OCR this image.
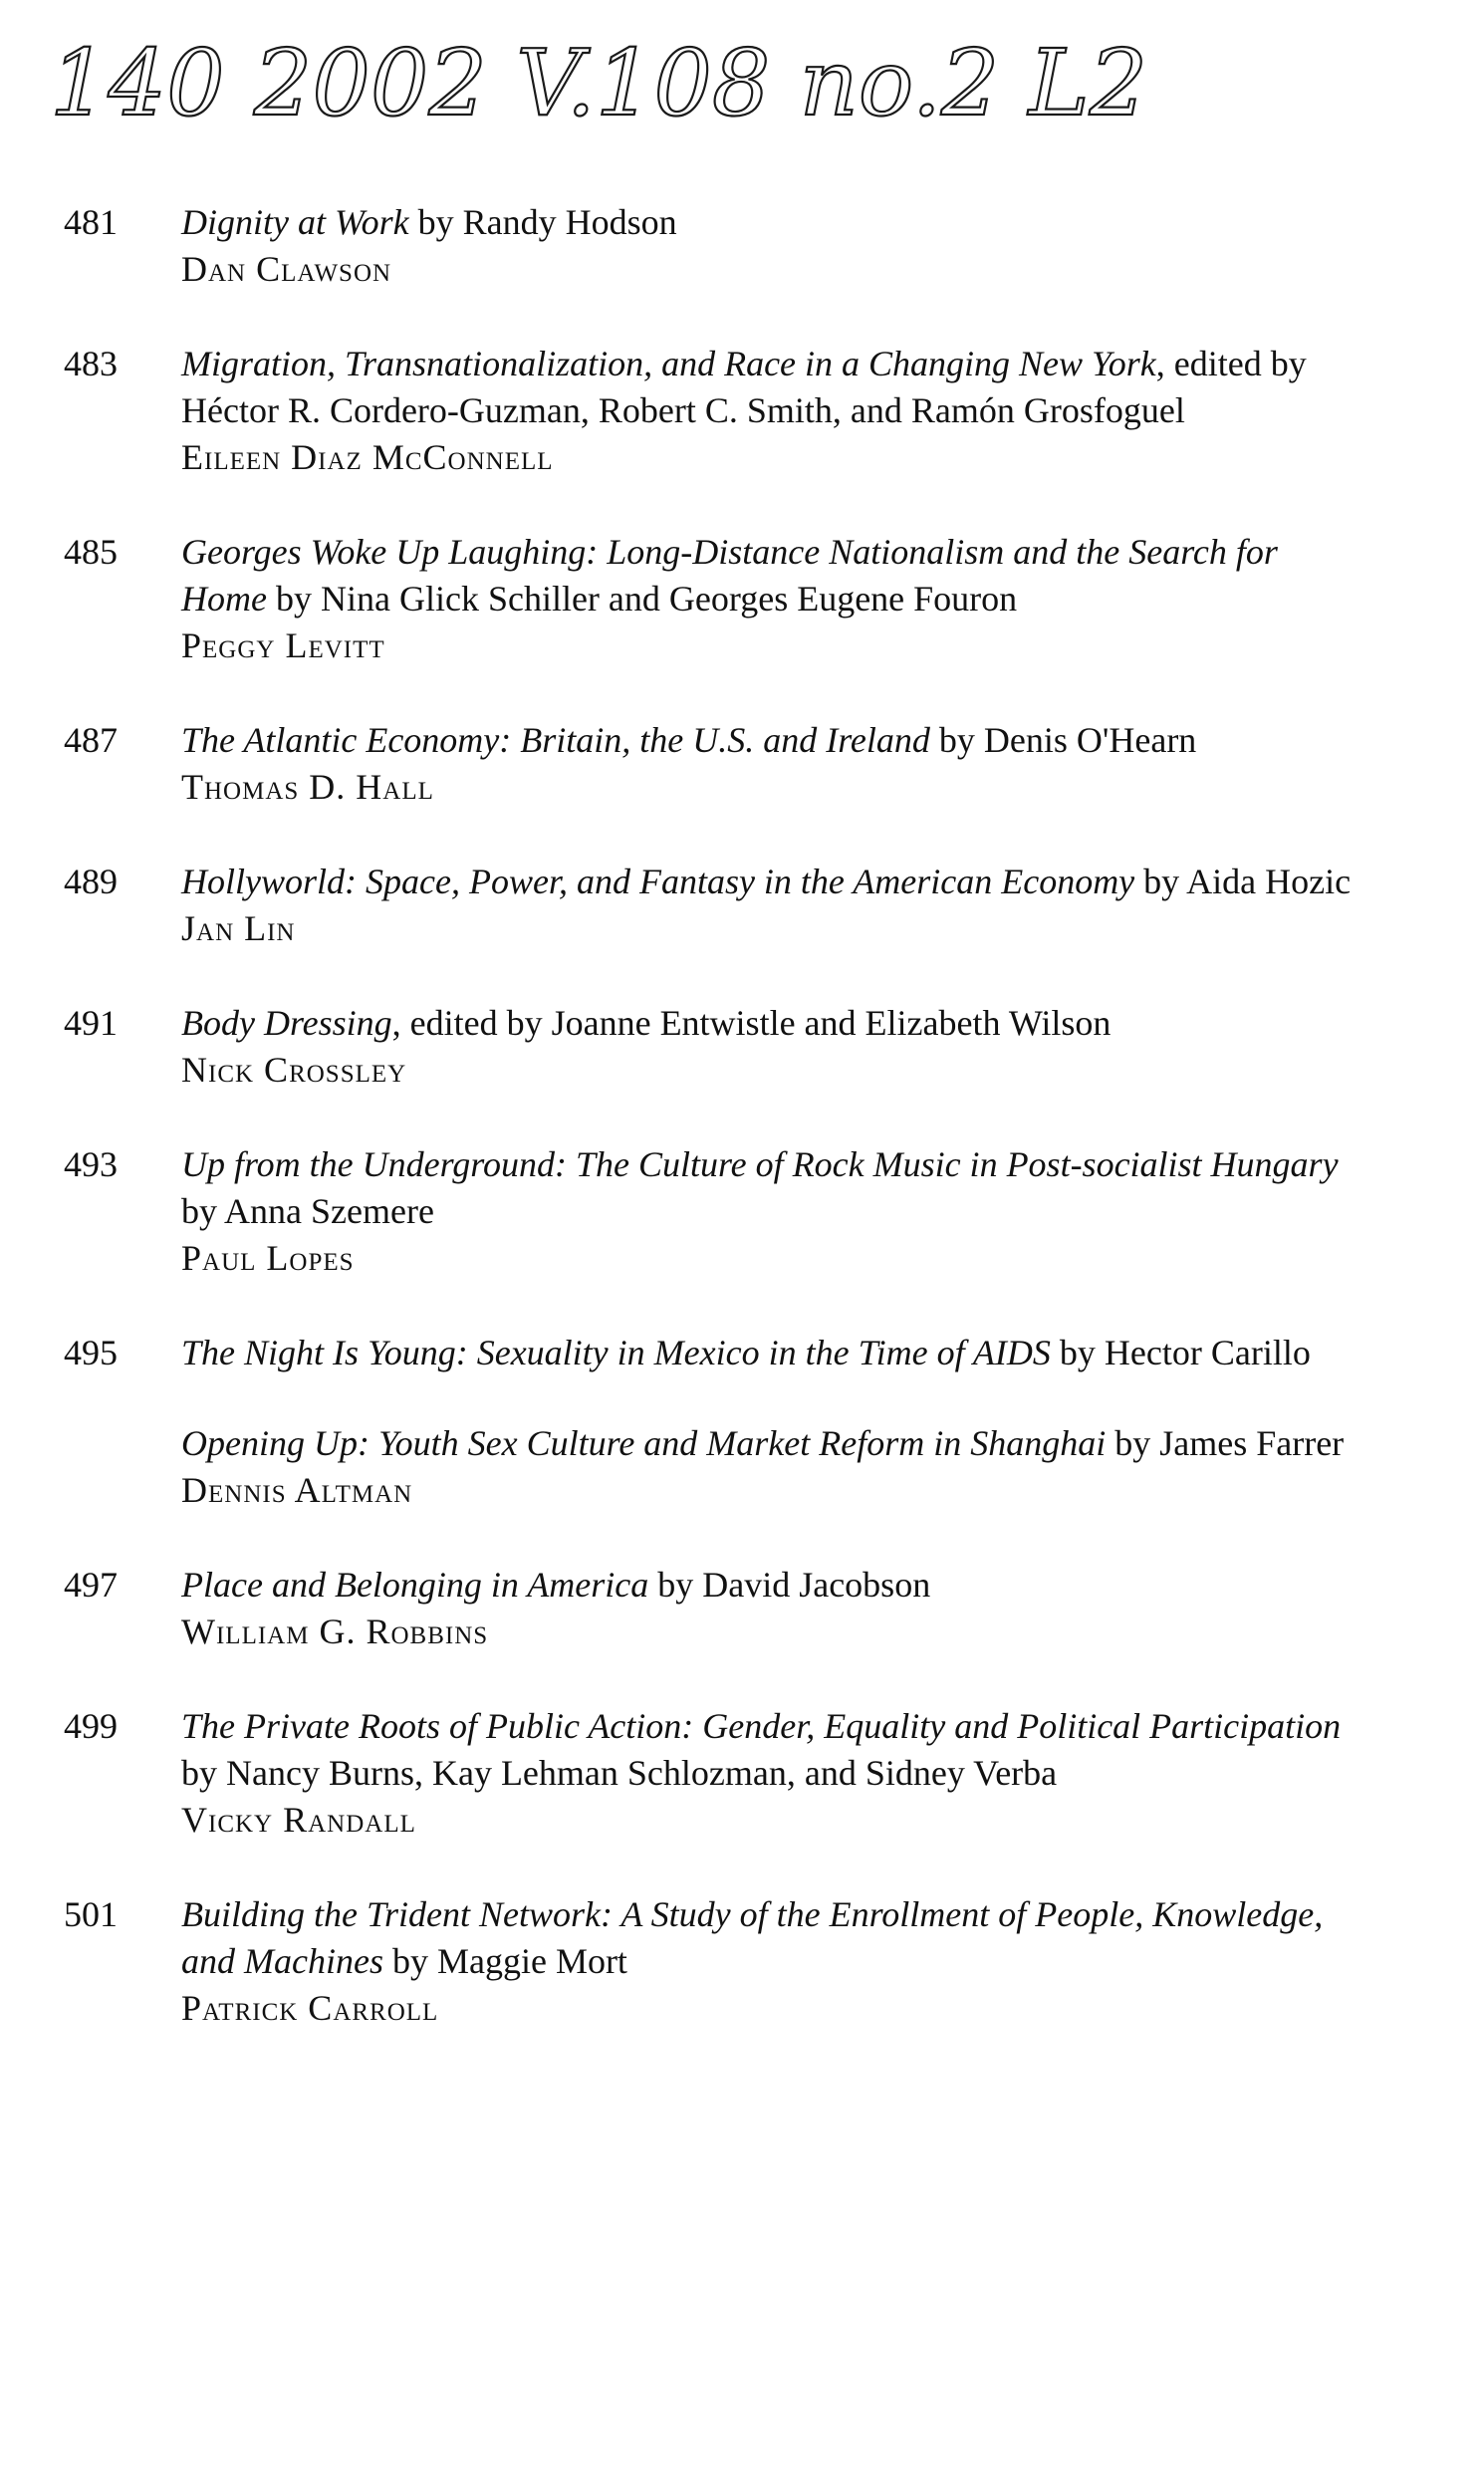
140 2002 V.108 no.2 L2
481 Dignity at Work by Randy Hodson
Dan Clawson

483 Migration, Transnationalization, and Race in a Changing New York, edited by Héctor R. Cordero-Guzman, Robert C. Smith, and Ramón Grosfoguel
Eileen Diaz McConnell

485 Georges Woke Up Laughing: Long-Distance Nationalism and the Search for Home by Nina Glick Schiller and Georges Eugene Fouron
Peggy Levitt

487 The Atlantic Economy: Britain, the U.S. and Ireland by Denis O'Hearn
Thomas D. Hall

489 Hollyworld: Space, Power, and Fantasy in the American Economy by Aida Hozic
Jan Lin

491 Body Dressing, edited by Joanne Entwistle and Elizabeth Wilson
Nick Crossley

493 Up from the Underground: The Culture of Rock Music in Post-socialist Hungary by Anna Szemere
Paul Lopes

495 The Night Is Young: Sexuality in Mexico in the Time of AIDS by Hector Carillo

Opening Up: Youth Sex Culture and Market Reform in Shanghai by James Farrer
Dennis Altman

497 Place and Belonging in America by David Jacobson
William G. Robbins

499 The Private Roots of Public Action: Gender, Equality and Political Participation by Nancy Burns, Kay Lehman Schlozman, and Sidney Verba
Vicky Randall

501 Building the Trident Network: A Study of the Enrollment of People, Knowledge, and Machines by Maggie Mort
Patrick Carroll
